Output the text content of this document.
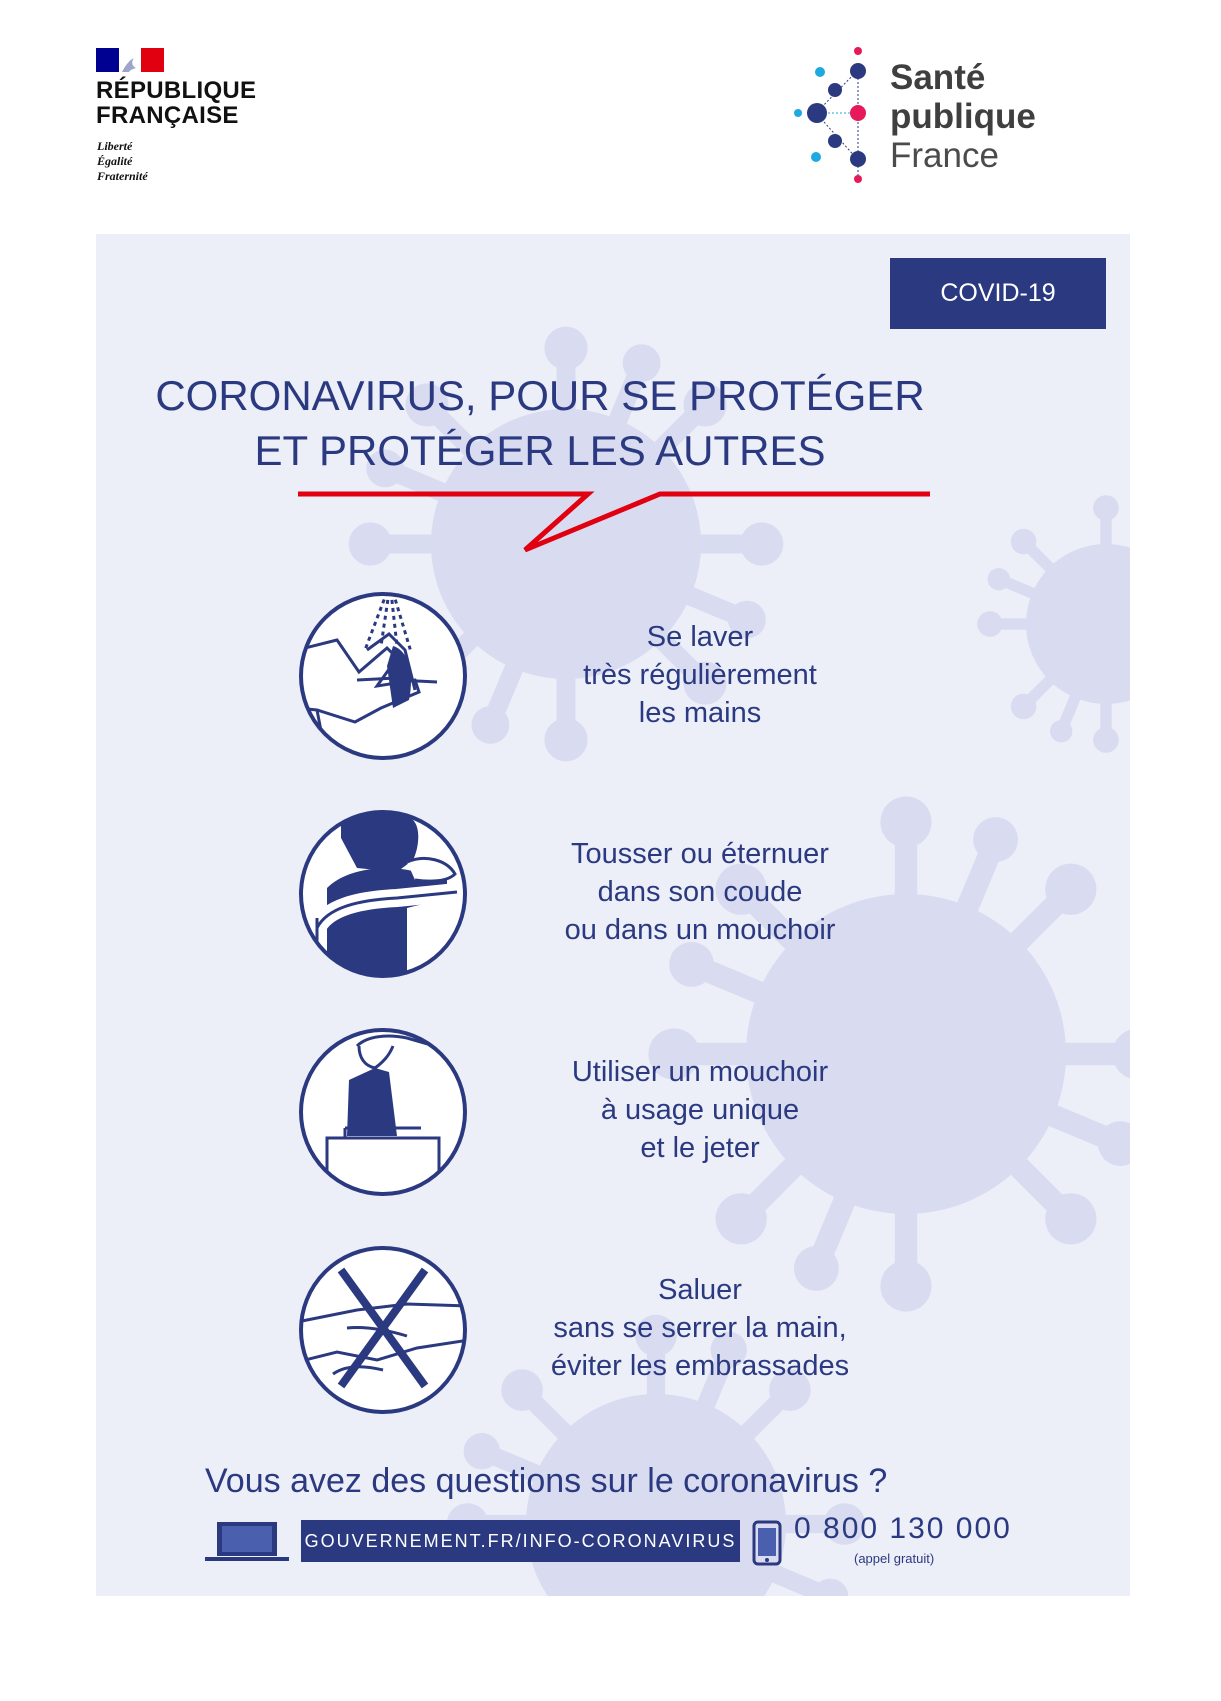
RÉPUBLIQUE
FRANÇAISE
Liberté
Égalité
Fraternité
Santé
publique
France
COVID-19
CORONAVIRUS, POUR SE PROTÉGER
ET PROTÉGER LES AUTRES
Se laver
très régulièrement
les mains
Tousser ou éternuer
dans son coude
ou dans un mouchoir
Utiliser un mouchoir
à usage unique
et le jeter
Saluer
sans se serrer la main,
éviter les embrassades
Vous avez des questions sur le coronavirus ?
GOUVERNEMENT.FR/INFO-CORONAVIRUS 0 800 130 000
(appel gratuit)
